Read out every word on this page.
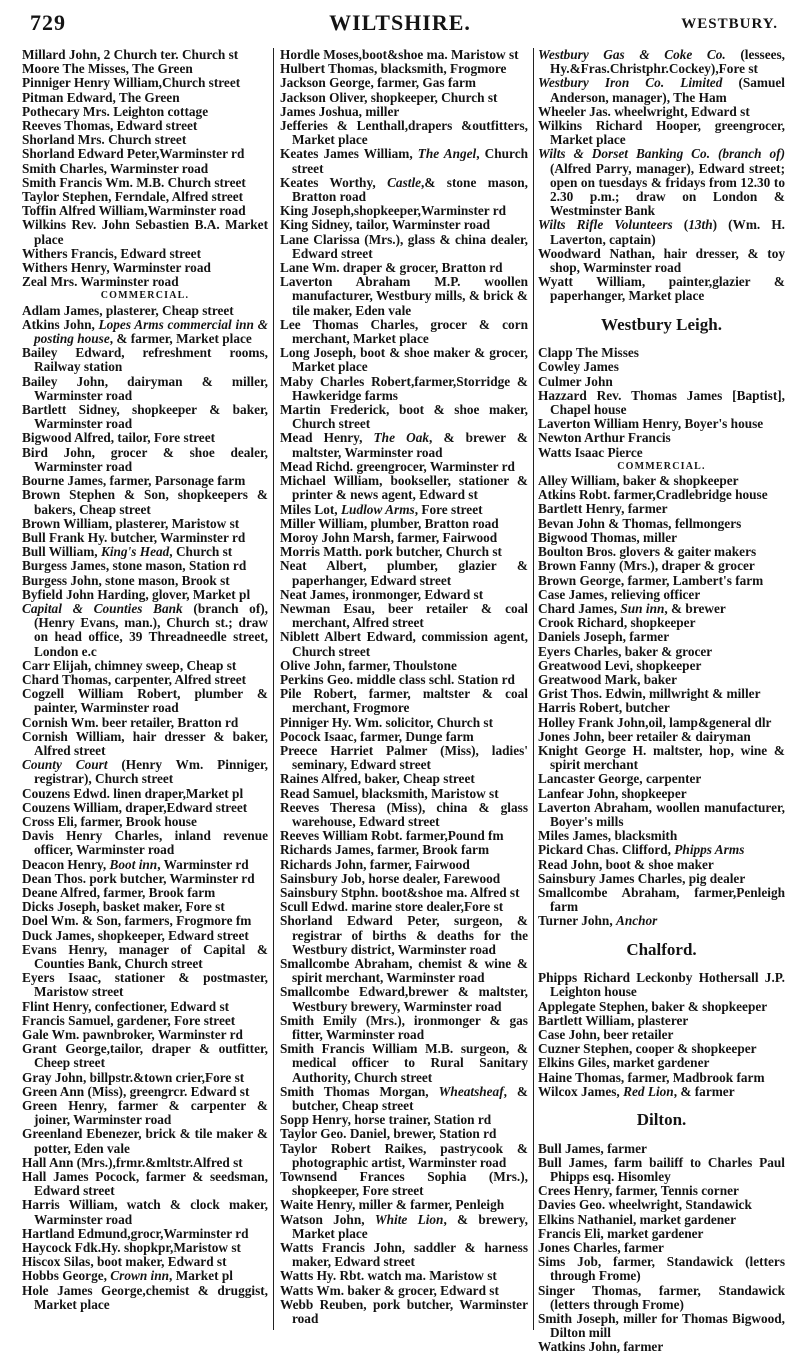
729	WILTSHIRE.	WESTBURY.
Millard John, 2 Church ter. Church st
Moore The Misses, The Green
Pinniger Henry William,Church street
Pitman Edward, The Green
Pothecary Mrs. Leighton cottage
Reeves Thomas, Edward street
Shorland Mrs. Church street
Shorland Edward Peter,Warminster rd
Smith Charles, Warminster road
Smith Francis Wm. M.B. Church street
Taylor Stephen, Ferndale, Alfred street
Toffin Alfred William,Warminster road
Wilkins Rev. John Sebastien B.A. Market place
Withers Francis, Edward street
Withers Henry, Warminster road
Zeal Mrs. Warminster road
COMMERCIAL.
Adlam James, plasterer, Cheap street
Atkins John, Lopes Arms commercial inn & posting house, & farmer, Market place
Bailey Edward, refreshment rooms, Railway station
Bailey John, dairyman & miller, Warminster road
Bartlett Sidney, shopkeeper & baker, Warminster road
Bigwood Alfred, tailor, Fore street
Bird John, grocer & shoe dealer, Warminster road
Bourne James, farmer, Parsonage farm
Brown Stephen & Son, shopkeepers & bakers, Cheap street
Brown William, plasterer, Maristow st
Bull Frank Hy. butcher, Warminster rd
Bull William, King's Head, Church st
Burgess James, stone mason, Station rd
Burgess John, stone mason, Brook st
Byfield John Harding, glover, Market pl
Capital & Counties Bank (branch of), (Henry Evans, man.), Church st.; draw on head office, 39 Threadneedle street, London e.c
Carr Elijah, chimney sweep, Cheap st
Chard Thomas, carpenter, Alfred street
Cogzell William Robert, plumber & painter, Warminster road
Cornish Wm. beer retailer, Bratton rd
Cornish William, hair dresser & baker, Alfred street
County Court (Henry Wm. Pinniger, registrar), Church street
Couzens Edwd. linen draper,Market pl
Couzens William, draper,Edward street
Cross Eli, farmer, Brook house
Davis Henry Charles, inland revenue officer, Warminster road
Deacon Henry, Boot inn, Warminster rd
Dean Thos. pork butcher, Warminster rd
Deane Alfred, farmer, Brook farm
Dicks Joseph, basket maker, Fore st
Doel Wm. & Son, farmers, Frogmore fm
Duck James, shopkeeper, Edward street
Evans Henry, manager of Capital & Counties Bank, Church street
Eyers Isaac, stationer & postmaster, Maristow street
Flint Henry, confectioner, Edward st
Francis Samuel, gardener, Fore street
Gale Wm. pawnbroker, Warminster rd
Grant George,tailor, draper & outfitter, Cheep street
Gray John, billpstr.&town crier,Fore st
Green Ann (Miss), greengrcr. Edward st
Green Henry, farmer & carpenter & joiner, Warminster road
Greenland Ebenezer, brick & tile maker & potter, Eden vale
Hall Ann (Mrs.),frmr.&mltstr.Alfred st
Hall James Pocock, farmer & seedsman, Edward street
Harris William, watch & clock maker, Warminster road
Hartland Edmund,grocr,Warminster rd
Haycock Fdk.Hy. shopkpr,Maristow st
Hiscox Silas, boot maker, Edward st
Hobbs George, Crown inn, Market pl
Hole James George,chemist & druggist, Market place
Hordle Moses,boot&shoe ma. Maristow st
Hulbert Thomas, blacksmith, Frogmore
Jackson George, farmer, Gas farm
Jackson Oliver, shopkeeper, Church st
James Joshua, miller
Jefferies & Lenthall,drapers &outfitters, Market place
Keates James William, The Angel, Church street
Keates Worthy, Castle,& stone mason, Bratton road
King Joseph,shopkeeper,Warminster rd
King Sidney, tailor, Warminster road
Lane Clarissa (Mrs.), glass & china dealer, Edward street
Lane Wm. draper & grocer, Bratton rd
Laverton Abraham M.P. woollen manufacturer, Westbury mills, & brick & tile maker, Eden vale
Lee Thomas Charles, grocer & corn merchant, Market place
Long Joseph, boot & shoe maker & grocer, Market place
Maby Charles Robert,farmer,Storridge & Hawkeridge farms
Martin Frederick, boot & shoe maker, Church street
Mead Henry, The Oak, & brewer & maltster, Warminster road
Mead Richd. greengrocer, Warminster rd
Michael William, bookseller, stationer & printer & news agent, Edward st
Miles Lot, Ludlow Arms, Fore street
Miller William, plumber, Bratton road
Moroy John Marsh, farmer, Fairwood
Morris Matth. pork butcher, Church st
Neat Albert, plumber, glazier & paperhanger, Edward street
Neat James, ironmonger, Edward st
Newman Esau, beer retailer & coal merchant, Alfred street
Niblett Albert Edward, commission agent, Church street
Olive John, farmer, Thoulstone
Perkins Geo. middle class schl. Station rd
Pile Robert, farmer, maltster & coal merchant, Frogmore
Pinniger Hy. Wm. solicitor, Church st
Pocock Isaac, farmer, Dunge farm
Preece Harriet Palmer (Miss), ladies' seminary, Edward street
Raines Alfred, baker, Cheap street
Read Samuel, blacksmith, Maristow st
Reeves Theresa (Miss), china & glass warehouse, Edward street
Reeves William Robt. farmer,Pound fm
Richards James, farmer, Brook farm
Richards John, farmer, Fairwood
Sainsbury Job, horse dealer, Farewood
Sainsbury Stphn. boot&shoe ma. Alfred st
Scull Edwd. marine store dealer,Fore st
Shorland Edward Peter, surgeon, & registrar of births & deaths for the Westbury district, Warminster road
Smallcombe Abraham, chemist & wine & spirit merchant, Warminster road
Smallcombe Edward,brewer & maltster, Westbury brewery, Warminster road
Smith Emily (Mrs.), ironmonger & gas fitter, Warminster road
Smith Francis William M.B. surgeon, & medical officer to Rural Sanitary Authority, Church street
Smith Thomas Morgan, Wheatsheaf, & butcher, Cheap street
Sopp Henry, horse trainer, Station rd
Taylor Geo. Daniel, brewer, Station rd
Taylor Robert Raikes, pastrycook & photographic artist, Warminster road
Townsend Frances Sophia (Mrs.), shopkeeper, Fore street
Waite Henry, miller & farmer, Penleigh
Watson John, White Lion, & brewery, Market place
Watts Francis John, saddler & harness maker, Edward street
Watts Hy. Rbt. watch ma. Maristow st
Watts Wm. baker & grocer, Edward st
Webb Reuben, pork butcher, Warminster road
Westbury Gas & Coke Co. (lessees, Hy.&Fras.Christphr.Cockey),Fore st
Westbury Iron Co. Limited (Samuel Anderson, manager), The Ham
Wheeler Jas. wheelwright, Edward st
Wilkins Richard Hooper, greengrocer, Market place
Wilts & Dorset Banking Co. (branch of) (Alfred Parry, manager), Edward street; open on tuesdays & fridays from 12.30 to 2.30 p.m.; draw on London & Westminster Bank
Wilts Rifle Volunteers (13th) (Wm. H. Laverton, captain)
Woodward Nathan, hair dresser, & toy shop, Warminster road
Wyatt William, painter,glazier & paperhanger, Market place
Westbury Leigh.
Clapp The Misses
Cowley James
Culmer John
Hazzard Rev. Thomas James [Baptist], Chapel house
Laverton William Henry, Boyer's house
Newton Arthur Francis
Watts Isaac Pierce
COMMERCIAL.
Alley William, baker & shopkeeper
Atkins Robt. farmer,Cradlebridge house
Bartlett Henry, farmer
Bevan John & Thomas, fellmongers
Bigwood Thomas, miller
Boulton Bros. glovers & gaiter makers
Brown Fanny (Mrs.), draper & grocer
Brown George, farmer, Lambert's farm
Case James, relieving officer
Chard James, Sun inn, & brewer
Crook Richard, shopkeeper
Daniels Joseph, farmer
Eyers Charles, baker & grocer
Greatwood Levi, shopkeeper
Greatwood Mark, baker
Grist Thos. Edwin, millwright & miller
Harris Robert, butcher
Holley Frank John,oil, lamp&general dlr
Jones John, beer retailer & dairyman
Knight George H. maltster, hop, wine & spirit merchant
Lancaster George, carpenter
Lanfear John, shopkeeper
Laverton Abraham, woollen manufacturer, Boyer's mills
Miles James, blacksmith
Pickard Chas. Clifford, Phipps Arms
Read John, boot & shoe maker
Sainsbury James Charles, pig dealer
Smallcombe Abraham, farmer,Penleigh farm
Turner John, Anchor
Chalford.
Phipps Richard Leckonby Hothersall J.P. Leighton house
Applegate Stephen, baker & shopkeeper
Bartlett William, plasterer
Case John, beer retailer
Cuzner Stephen, cooper & shopkeeper
Elkins Giles, market gardener
Haine Thomas, farmer, Madbrook farm
Wilcox James, Red Lion, & farmer
Dilton.
Bull James, farmer
Bull James, farm bailiff to Charles Paul Phipps esq. Hisomley
Crees Henry, farmer, Tennis corner
Davies Geo. wheelwright, Standawick
Elkins Nathaniel, market gardener
Francis Eli, market gardener
Jones Charles, farmer
Sims Job, farmer, Standawick (letters through Frome)
Singer Thomas, farmer, Standawick (letters through Frome)
Smith Joseph, miller for Thomas Bigwood, Dilton mill
Watkins John, farmer
